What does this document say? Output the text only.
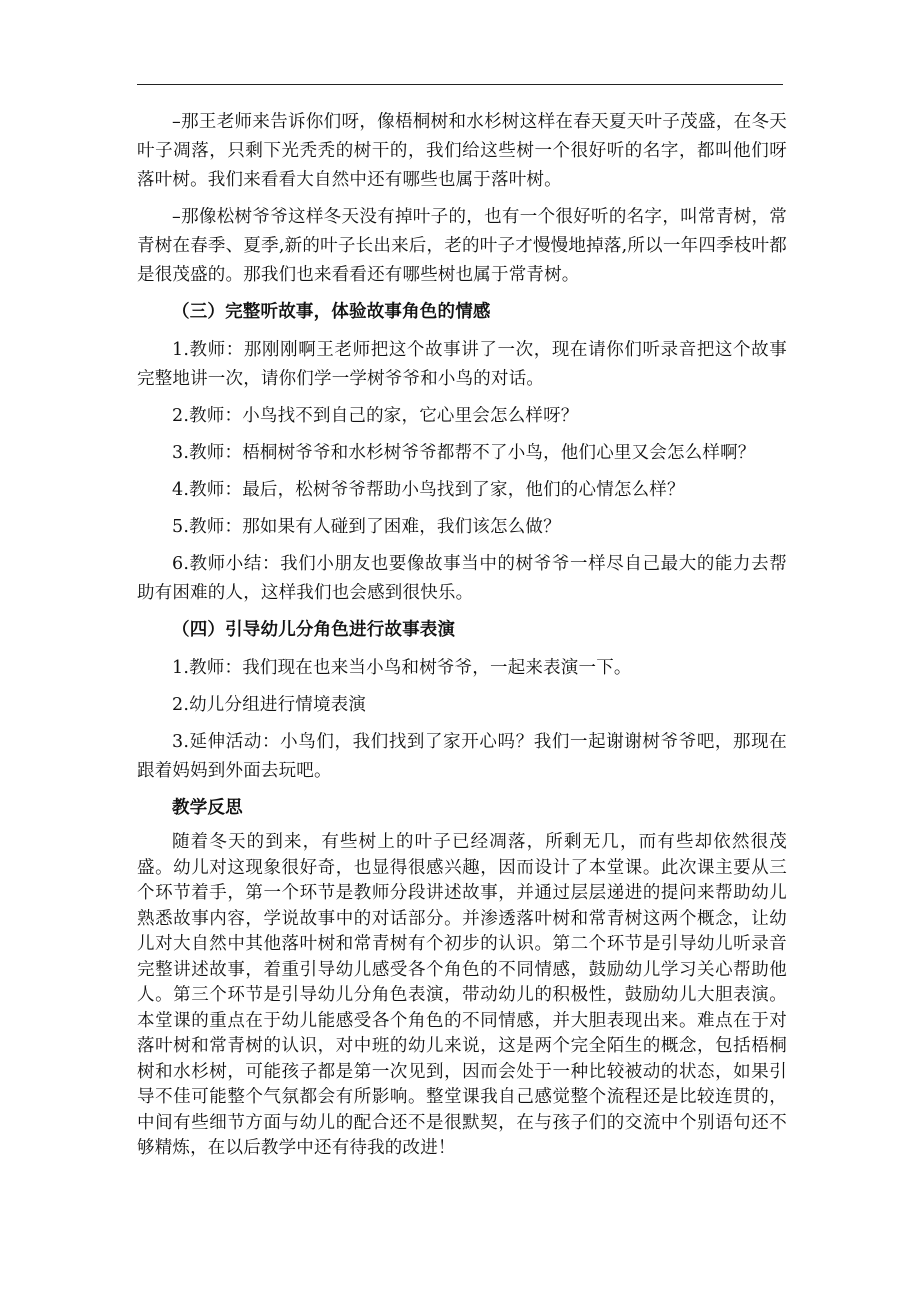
–那王老师来告诉你们呀，像梧桐树和水杉树这样在春天夏天叶子茂盛，在冬天叶子凋落，只剩下光秃秃的树干的，我们给这些树一个很好听的名字，都叫他们呀落叶树。我们来看看大自然中还有哪些也属于落叶树。

–那像松树爷爷这样冬天没有掉叶子的，也有一个很好听的名字，叫常青树，常青树在春季、夏季,新的叶子长出来后，老的叶子才慢慢地掉落,所以一年四季枝叶都是很茂盛的。那我们也来看看还有哪些树也属于常青树。

（三）完整听故事，体验故事角色的情感

1.教师：那刚刚啊王老师把这个故事讲了一次，现在请你们听录音把这个故事完整地讲一次，请你们学一学树爷爷和小鸟的对话。

2.教师：小鸟找不到自己的家，它心里会怎么样呀？

3.教师：梧桐树爷爷和水杉树爷爷都帮不了小鸟，他们心里又会怎么样啊？

4.教师：最后，松树爷爷帮助小鸟找到了家，他们的心情怎么样？

5.教师：那如果有人碰到了困难，我们该怎么做？

6.教师小结：我们小朋友也要像故事当中的树爷爷一样尽自己最大的能力去帮助有困难的人，这样我们也会感到很快乐。

（四）引导幼儿分角色进行故事表演

1.教师：我们现在也来当小鸟和树爷爷，一起来表演一下。

2.幼儿分组进行情境表演

3.延伸活动：小鸟们，我们找到了家开心吗？我们一起谢谢树爷爷吧，那现在跟着妈妈到外面去玩吧。

教学反思

随着冬天的到来，有些树上的叶子已经凋落，所剩无几，而有些却依然很茂盛。幼儿对这现象很好奇，也显得很感兴趣，因而设计了本堂课。此次课主要从三个环节着手，第一个环节是教师分段讲述故事，并通过层层递进的提问来帮助幼儿熟悉故事内容，学说故事中的对话部分。并渗透落叶树和常青树这两个概念，让幼儿对大自然中其他落叶树和常青树有个初步的认识。第二个环节是引导幼儿听录音完整讲述故事，着重引导幼儿感受各个角色的不同情感，鼓励幼儿学习关心帮助他人。第三个环节是引导幼儿分角色表演，带动幼儿的积极性，鼓励幼儿大胆表演。本堂课的重点在于幼儿能感受各个角色的不同情感，并大胆表现出来。难点在于对落叶树和常青树的认识，对中班的幼儿来说，这是两个完全陌生的概念，包括梧桐树和水杉树，可能孩子都是第一次见到，因而会处于一种比较被动的状态，如果引导不佳可能整个气氛都会有所影响。整堂课我自己感觉整个流程还是比较连贯的，中间有些细节方面与幼儿的配合还不是很默契，在与孩子们的交流中个别语句还不够精炼，在以后教学中还有待我的改进！
